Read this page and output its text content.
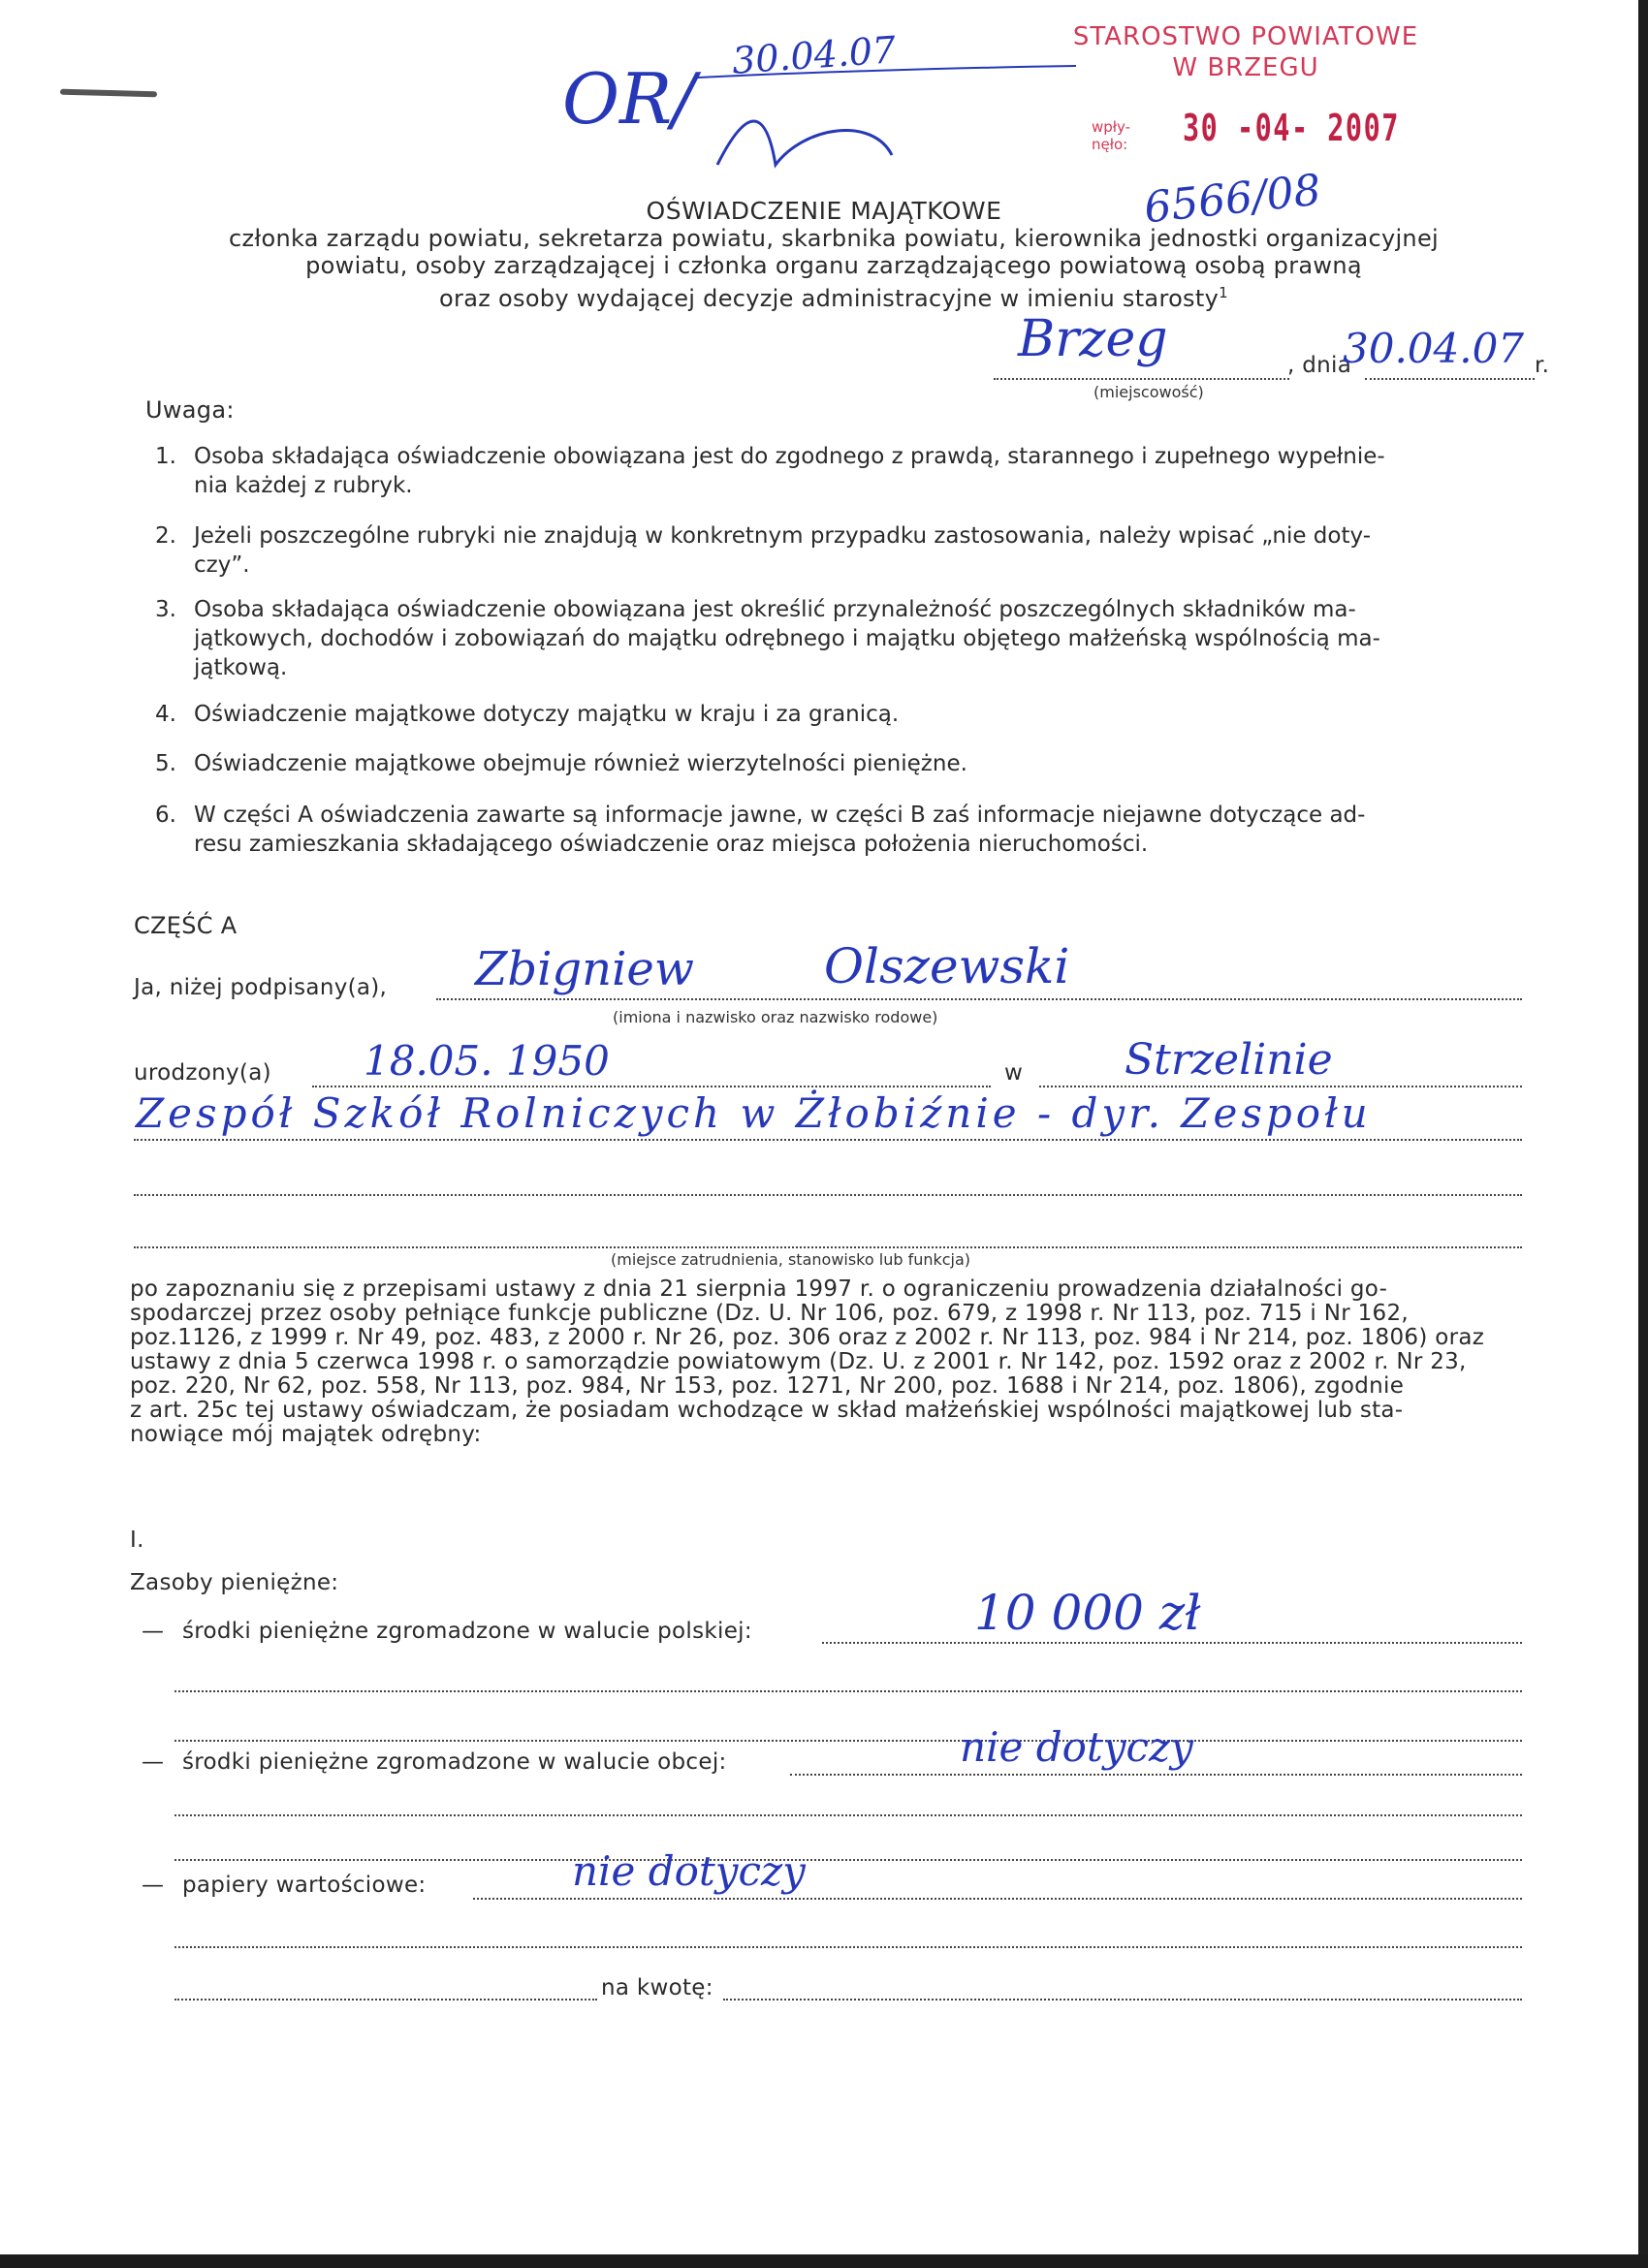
STAROSTWO POWIATOWE
W BRZEGU
wpły-
nęło:	30 -04- 2007
OR/
30.04.07
6566/08
OŚWIADCZENIE MAJĄTKOWE
członka zarządu powiatu, sekretarza powiatu, skarbnika powiatu, kierownika jednostki organizacyjnej
powiatu, osoby zarządzającej i członka organu zarządzającego powiatową osobą prawną
oraz osoby wydającej decyzje administracyjne w imieniu starosty$^1$
Brzeg	, dnia
30.04.07 r.
(miejscowość)
Uwaga:
1. Osoba składająca oświadczenie obowiązana jest do zgodnego z prawdą, starannego i zupełnego wypełnie-
nia każdej z rubryk.
2. Jeżeli poszczególne rubryki nie znajdują w konkretnym przypadku zastosowania, należy wpisać „nie doty-
czy”.
3. Osoba składająca oświadczenie obowiązana jest określić przynależność poszczególnych składników ma-
jątkowych, dochodów i zobowiązań do majątku odrębnego i majątku objętego małżeńską wspólnością ma-
jątkową.
4. Oświadczenie majątkowe dotyczy majątku w kraju i za granicą.
5. Oświadczenie majątkowe obejmuje również wierzytelności pieniężne.
6. W części A oświadczenia zawarte są informacje jawne, w części B zaś informacje niejawne dotyczące ad-
resu zamieszkania składającego oświadczenie oraz miejsca położenia nieruchomości.
CZĘŚĆ A
Ja, niżej podpisany(a), Zbigniew	Olszewski
(imiona i nazwisko oraz nazwisko rodowe)
urodzony(a) 18.05. 1950	w Strzelinie
Zespół Szkół Rolniczych w Żłobiźnie - dyr. Zespołu
(miejsce zatrudnienia, stanowisko lub funkcja)
po zapoznaniu się z przepisami ustawy z dnia 21 sierpnia 1997 r. o ograniczeniu prowadzenia działalności go-
spodarczej przez osoby pełniące funkcje publiczne (Dz. U. Nr 106, poz. 679, z 1998 r. Nr 113, poz. 715 i Nr 162,
poz.1126, z 1999 r. Nr 49, poz. 483, z 2000 r. Nr 26, poz. 306 oraz z 2002 r. Nr 113, poz. 984 i Nr 214, poz. 1806) oraz
ustawy z dnia 5 czerwca 1998 r. o samorządzie powiatowym (Dz. U. z 2001 r. Nr 142, poz. 1592 oraz z 2002 r. Nr 23,
poz. 220, Nr 62, poz. 558, Nr 113, poz. 984, Nr 153, poz. 1271, Nr 200, poz. 1688 i Nr 214, poz. 1806), zgodnie
z art. 25c tej ustawy oświadczam, że posiadam wchodzące w skład małżeńskiej wspólności majątkowej lub sta-
nowiące mój majątek odrębny:
I.
Zasoby pieniężne:
— środki pieniężne zgromadzone w walucie polskiej:	10 000 zł
— środki pieniężne zgromadzone w walucie obcej:	nie dotyczy
— papiery wartościowe:	nie dotyczy
na kwotę:
